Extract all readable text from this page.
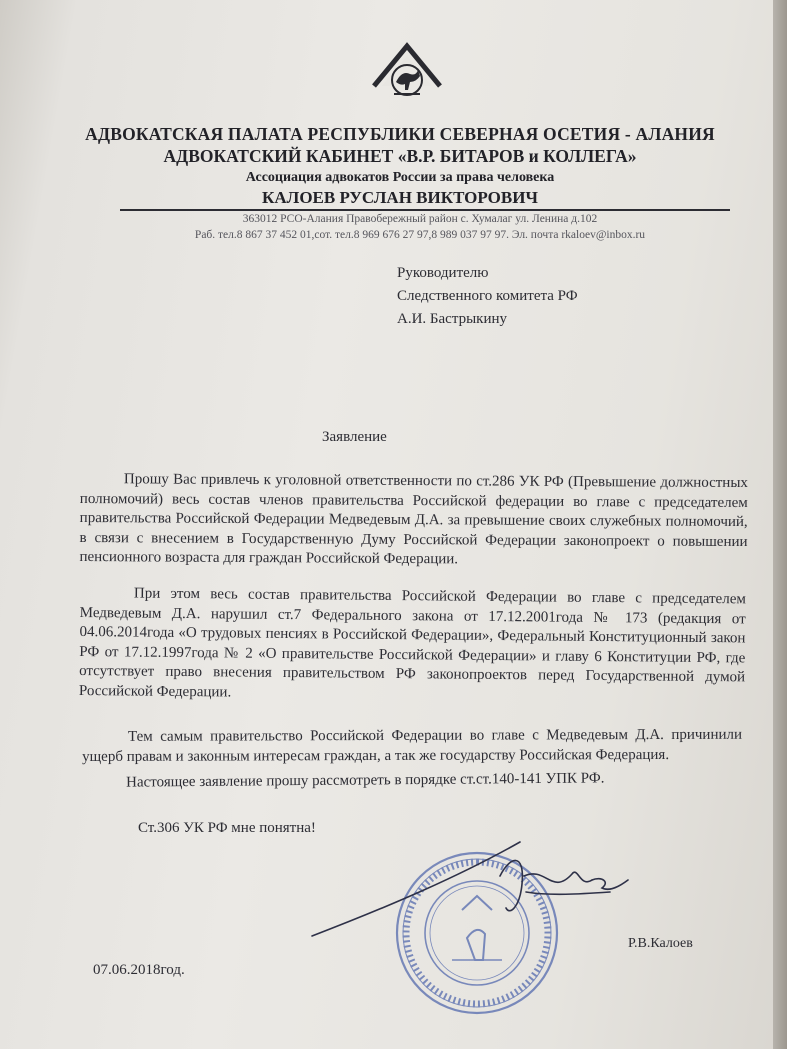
АДВОКАТСКАЯ ПАЛАТА РЕСПУБЛИКИ СЕВЕРНАЯ ОСЕТИЯ - АЛАНИЯ
АДВОКАТСКИЙ КАБИНЕТ «В.Р. БИТАРОВ и КОЛЛЕГА»
Ассоциация адвокатов России за права человека
КАЛОЕВ РУСЛАН ВИКТОРОВИЧ
363012 РСО-Алания Правобережный район с. Хумалаг ул. Ленина д.102
Раб. тел.8 867 37 452 01,сот. тел.8 969 676 27 97,8 989 037 97 97. Эл. почта rkaloev@inbox.ru
Руководителю
Следственного комитета РФ
А.И. Бастрыкину
Заявление
Прошу Вас привлечь к уголовной ответственности по ст.286 УК РФ (Превышение должностных полномочий) весь состав членов правительства Российской федерации во главе с председателем правительства Российской Федерации Медведевым Д.А. за превышение своих служебных полномочий, в связи с внесением в Государственную Думу Российской Федерации законопроект о повышении пенсионного возраста для граждан Российской Федерации.
При этом весь состав правительства Российской Федерации во главе с председателем Медведевым Д.А. нарушил ст.7 Федерального закона от 17.12.2001года № 173 (редакция от 04.06.2014года «О трудовых пенсиях в Российской Федерации», Федеральный Конституционный закон РФ от 17.12.1997года № 2 «О правительстве Российской Федерации» и главу 6 Конституции РФ, где отсутствует право внесения правительством РФ законопроектов перед Государственной думой Российской Федерации.
Тем самым правительство Российской Федерации во главе с Медведевым Д.А. причинили ущерб правам и законным интересам граждан, а так же государству Российская Федерация.
Настоящее заявление прошу рассмотреть в порядке ст.ст.140-141 УПК РФ.
Ст.306 УК РФ мне понятна!
Р.В.Калоев
07.06.2018год.
